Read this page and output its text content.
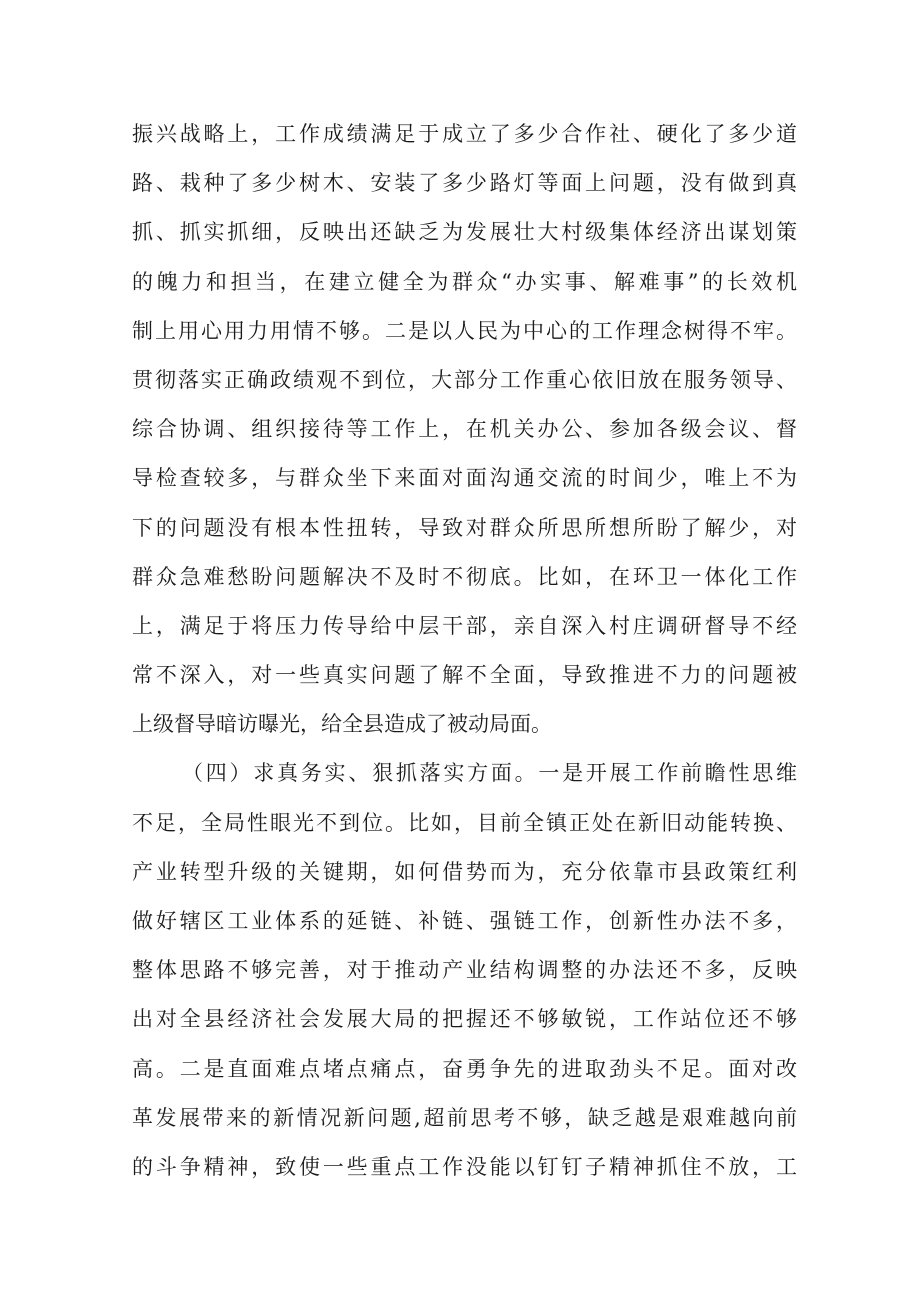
振兴战略上，工作成绩满足于成立了多少合作社、硬化了多少道
路、栽种了多少树木、安装了多少路灯等面上问题，没有做到真
抓、抓实抓细，反映出还缺乏为发展壮大村级集体经济出谋划策
的魄力和担当，在建立健全为群众“办实事、解难事”的长效机
制上用心用力用情不够。二是以人民为中心的工作理念树得不牢。
贯彻落实正确政绩观不到位，大部分工作重心依旧放在服务领导、
综合协调、组织接待等工作上，在机关办公、参加各级会议、督
导检查较多，与群众坐下来面对面沟通交流的时间少，唯上不为
下的问题没有根本性扭转，导致对群众所思所想所盼了解少，对
群众急难愁盼问题解决不及时不彻底。比如，在环卫一体化工作
上，满足于将压力传导给中层干部，亲自深入村庄调研督导不经
常不深入，对一些真实问题了解不全面，导致推进不力的问题被
上级督导暗访曝光，给全县造成了被动局面。
（四）求真务实、狠抓落实方面。一是开展工作前瞻性思维
不足，全局性眼光不到位。比如，目前全镇正处在新旧动能转换、
产业转型升级的关键期，如何借势而为，充分依靠市县政策红利
做好辖区工业体系的延链、补链、强链工作，创新性办法不多，
整体思路不够完善，对于推动产业结构调整的办法还不多，反映
出对全县经济社会发展大局的把握还不够敏锐，工作站位还不够
高。二是直面难点堵点痛点，奋勇争先的进取劲头不足。面对改
革发展带来的新情况新问题,超前思考不够，缺乏越是艰难越向前
的斗争精神，致使一些重点工作没能以钉钉子精神抓住不放，工
